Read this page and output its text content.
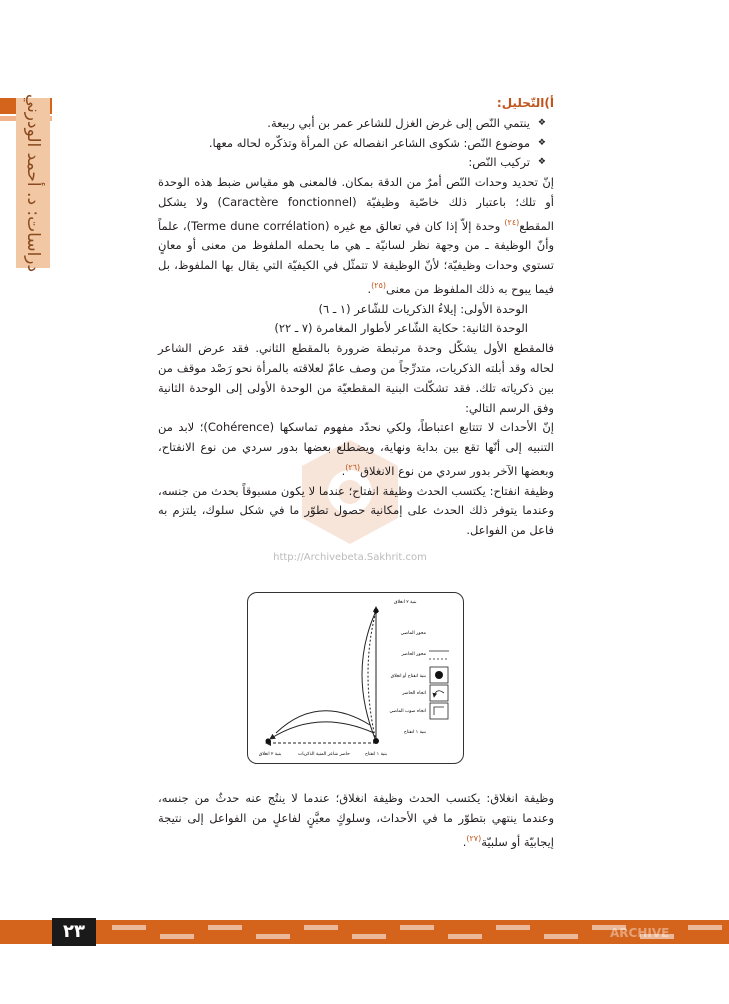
دراسات: د. أحمد الودرني
http://Archivebeta.Sakhrit.com

أ)التّحليل:

❖ ينتمي النّص إلى غرض الغزل للشاعر عمر بن أبي ربيعة.

❖ موضوع النّص: شكوى الشاعر انفصاله عن المرأة وتذكّره لحاله معها.

❖ تركيب النّص:

إنّ تحديد وحدات النّص أمرٌ من الدقة بمكان. فالمعنى هو مقياس ضبط هذه الوحدة أو تلك؛ باعتبار ذلك خاصّية وظيفيّة (Caractère fonctionnel) ولا يشكل المقطع$^{(٢٤)}$ وحدة إلاّ إذا كان في تعالق مع غيره (Terme dune corrélation)، علماً وأنّ الوظيفة ـ من وجهة نظر لسانيّة ـ هي ما يحمله الملفوظ من معنى أو معانٍ تستوي وحدات وظيفيّة؛ لأنّ الوظيفة لا تتمثّل في الكيفيّة التي يقال بها الملفوظ، بل فيما يبوح به ذلك الملفوظ من معنى$^{(٢٥)}$.

الوحدة الأولى: إيلاءُ الذكريات للشّاعر (١ ـ ٦)

الوحدة الثانية: حكاية الشّاعر لأطوار المغامرة (٧ ـ ٢٢)

فالمقطع الأول يشكّل وحدة مرتبطة ضرورة بالمقطع الثاني. فقد عرض الشاعر لحاله وقد أبلته الذكريات، متدرِّجاً من وصف عامّ لعلاقته بالمرأة نحو رَصْد موقف من بين ذكرياته تلك. فقد تشكّلت البنية المقطعيّة من الوحدة الأولى إلى الوحدة الثانية وفق الرسم التالي:

إنّ الأحداث لا تتتابع اعتباطاً، ولكي نحدّد مفهوم تماسكها (Cohérence)؛ لابد من التنبيه إلى أنّها تقع بين بداية ونهاية، ويضطلع بعضها بدور سردي من نوع الانفتاح، وبعضها الآخر بدور سردي من نوع الانغلاق$^{(٢٦)}$.

وظيفة انفتاح: يكتسب الحدث وظيفة انفتاح؛ عندما لا يكون مسبوقاً بحدث من جنسه، وعندما يتوفر ذلك الحدث على إمكانية حصول تطوّر ما في شكل سلوك، يلتزم به فاعل من الفواعل.

بنية ٢ انغلاق
محور الماضي
محور الحاضر
بنية انفتاح أو انغلاق
اتجاه الحاضر
اتجاه صوب الماضي
بنية ١ انفتاح
حاضر شاعر المنية الذكريات
بنية ٢ انغلاق	بنية ١ انفتاح

وظيفة انغلاق: يكتسب الحدث وظيفة انغلاق؛ عندما لا ينتُج عنه حدثٌ من جنسه، وعندما ينتهي بتطوّر ما في الأحداث، وسلوكٍ معيَّنٍ لفاعلٍ من الفواعل إلى نتيجة إيجابيّة أو سلبيّة$^{(٢٧)}$.

ARCHIVE
٢٣
